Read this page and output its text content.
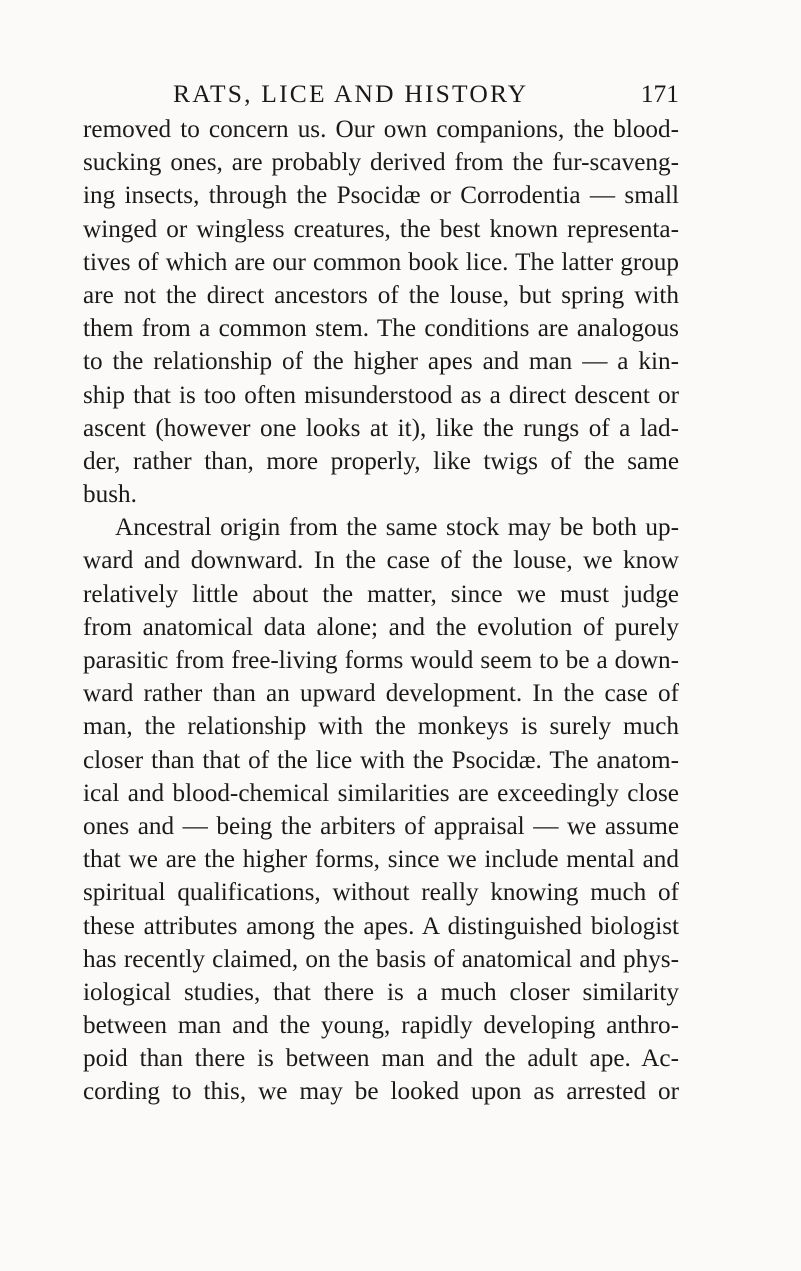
RATS, LICE AND HISTORY	171
removed to concern us. Our own companions, the blood-
sucking ones, are probably derived from the fur-scaveng-
ing insects, through the Psocidæ or Corrodentia — small
winged or wingless creatures, the best known representa-
tives of which are our common book lice. The latter group
are not the direct ancestors of the louse, but spring with
them from a common stem. The conditions are analogous
to the relationship of the higher apes and man — a kin-
ship that is too often misunderstood as a direct descent or
ascent (however one looks at it), like the rungs of a lad-
der, rather than, more properly, like twigs of the same
bush.
Ancestral origin from the same stock may be both up-
ward and downward. In the case of the louse, we know
relatively little about the matter, since we must judge
from anatomical data alone; and the evolution of purely
parasitic from free-living forms would seem to be a down-
ward rather than an upward development. In the case of
man, the relationship with the monkeys is surely much
closer than that of the lice with the Psocidæ. The anatom-
ical and blood-chemical similarities are exceedingly close
ones and — being the arbiters of appraisal — we assume
that we are the higher forms, since we include mental and
spiritual qualifications, without really knowing much of
these attributes among the apes. A distinguished biologist
has recently claimed, on the basis of anatomical and phys-
iological studies, that there is a much closer similarity
between man and the young, rapidly developing anthro-
poid than there is between man and the adult ape. Ac-
cording to this, we may be looked upon as arrested or
